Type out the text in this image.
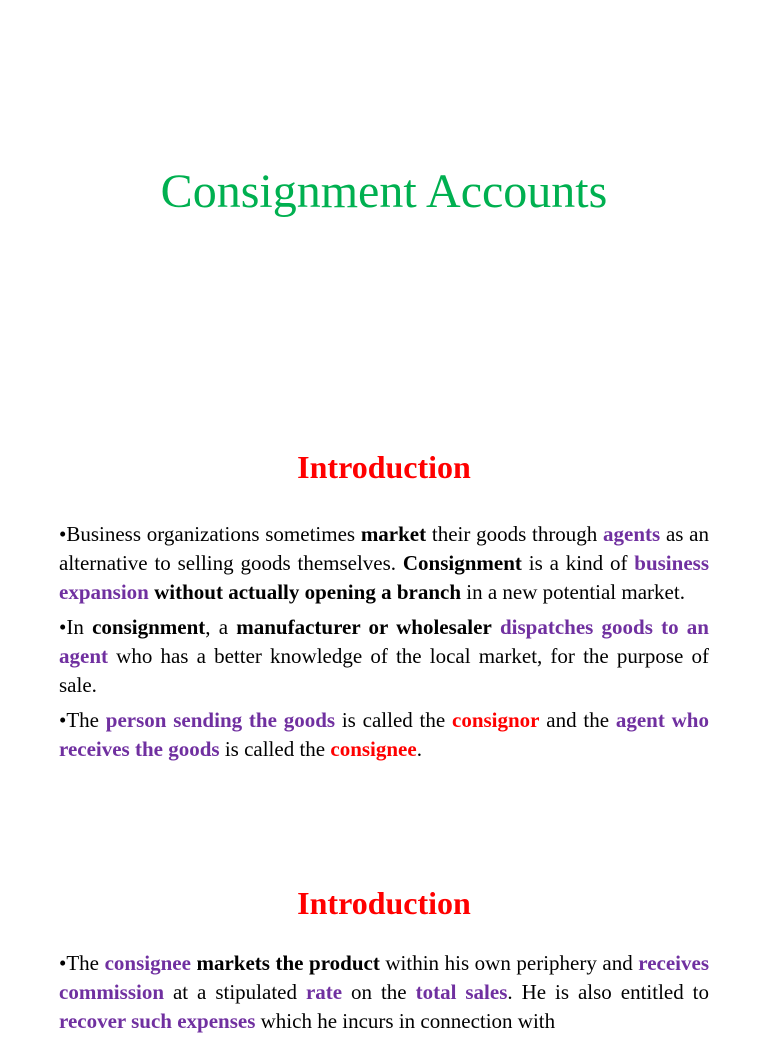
Consignment Accounts
Introduction
•Business organizations sometimes market their goods through agents as an alternative to selling goods themselves. Consignment is a kind of business expansion without actually opening a branch in a new potential market.
•In consignment, a manufacturer or wholesaler dispatches goods to an agent who has a better knowledge of the local market, for the purpose of sale.
•The person sending the goods is called the consignor and the agent who receives the goods is called the consignee.
Introduction
•The consignee markets the product within his own periphery and receives commission at a stipulated rate on the total sales. He is also entitled to recover such expenses which he incurs in connection with
